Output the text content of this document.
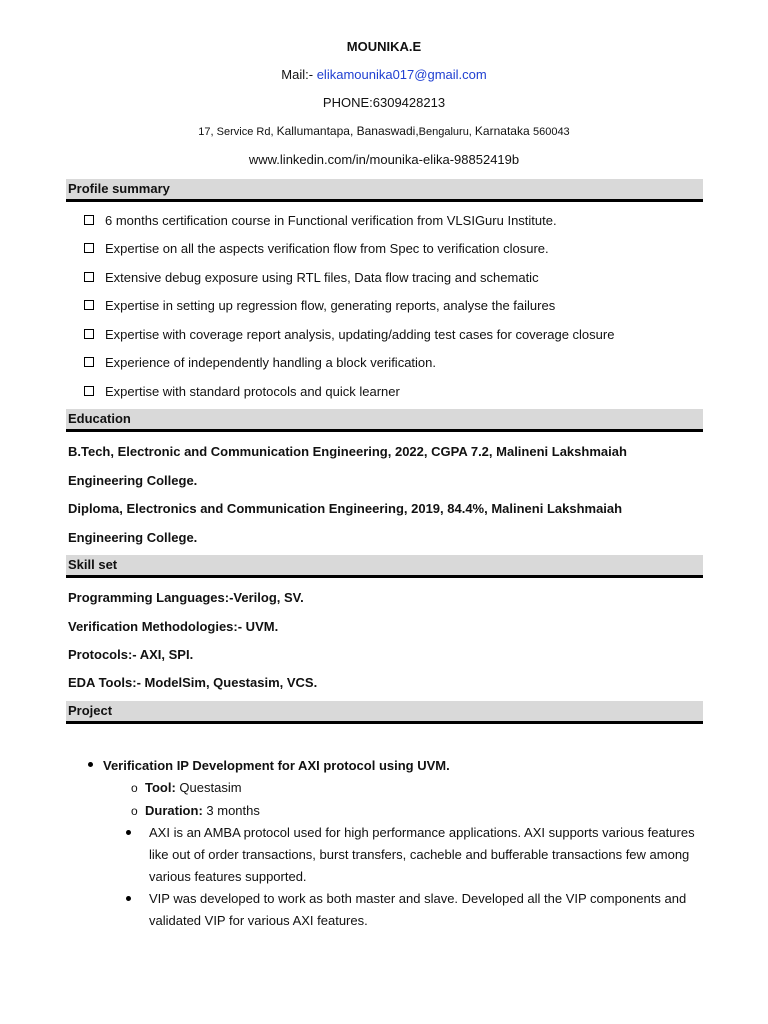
MOUNIKA.E
Mail:- elikamounika017@gmail.com
PHONE:6309428213
17, Service Rd, Kallumantapa, Banaswadi,Bengaluru, Karnataka 560043
www.linkedin.com/in/mounika-elika-98852419b
Profile summary
6 months certification course in Functional verification from VLSIGuru Institute.
Expertise on all the aspects verification flow from Spec to verification closure.
Extensive debug exposure using RTL files, Data flow tracing and schematic
Expertise in setting up regression flow, generating reports, analyse the failures
Expertise with coverage report analysis, updating/adding test cases for coverage closure
Experience of independently handling a block verification.
Expertise with standard protocols and quick learner
Education
B.Tech, Electronic and Communication Engineering, 2022, CGPA 7.2, Malineni Lakshmaiah
Engineering College.
Diploma, Electronics and Communication Engineering, 2019, 84.4%, Malineni Lakshmaiah
Engineering College.
Skill set
Programming Languages:-Verilog, SV.
Verification Methodologies:- UVM.
Protocols:- AXI, SPI.
EDA Tools:- ModelSim, Questasim, VCS.
Project
Verification IP Development for AXI protocol using UVM.
o Tool: Questasim
o Duration: 3 months
AXI is an AMBA protocol used for high performance applications. AXI supports various features like out of order transactions, burst transfers, cacheble and bufferable transactions few among various features supported.
VIP was developed to work as both master and slave. Developed all the VIP components and validated VIP for various AXI features.
